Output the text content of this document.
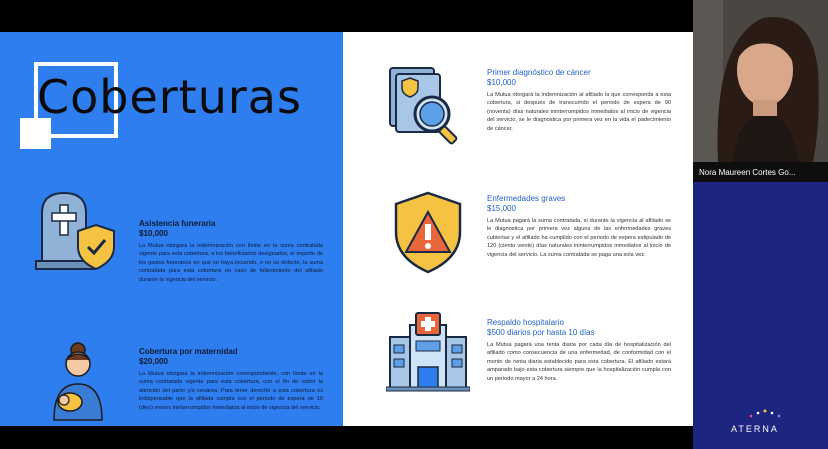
Coberturas
Asistencia funeraria
$10,000
La Mutua otorgará la indemnización con límite en la suma contratada vigente para esta cobertura, a los beneficiarios designados, el importe de los gastos funerarios en que se haya incurrido, o en su defecto, la suma contratada para esta cobertura en caso de fallecimiento del afiliado durante la vigencia del servicio.
Cobertura por maternidad
$20,000
La Mutua otorgará la indemnización correspondiente, con límite en la suma contratada vigente para esta cobertura, con el fin de cubrir la atención del parto y/o cesárea. Para tener derecho a esta cobertura es indispensable que la afiliada cumpla con el periodo de espera de 10 (diez) meses ininterrumpidos inmediatos al inicio de vigencia del servicio.
Primer diagnóstico de cáncer
$10,000
La Mutua otorgará la indemnización al afiliado la que corresponda a esta cobertura, si después de transcurrido el periodo de espera de 90 (noventa) días naturales ininterrumpidos inmediatos al inicio de vigencia del servicio, se le diagnostica por primera vez en la vida el padecimiento de cáncer.
Enfermedades graves
$15,000
La Mutua pagará la suma contratada, si durante la vigencia al afiliado se le diagnostica por primera vez alguna de las enfermedades graves cubiertas y el afiliado ha cumplido con el periodo de espera estipulado de 120 (ciento veinte) días naturales ininterrumpidos inmediatos al inicio de vigencia del servicio. La suma contratada se paga una sola vez.
Respaldo hospitalario
$500 diarios por hasta 10 días
La Mutua pagará una renta diaria por cada día de hospitalización del afiliado como consecuencia de una enfermedad, de conformidad con el monto de renta diaria establecido para esta cobertura. El afiliado estará amparado bajo esta cobertura siempre que la hospitalización cumpla con un periodo mayor a 24 hora.
Nora Maureen Cortes Go...
ATERNA
